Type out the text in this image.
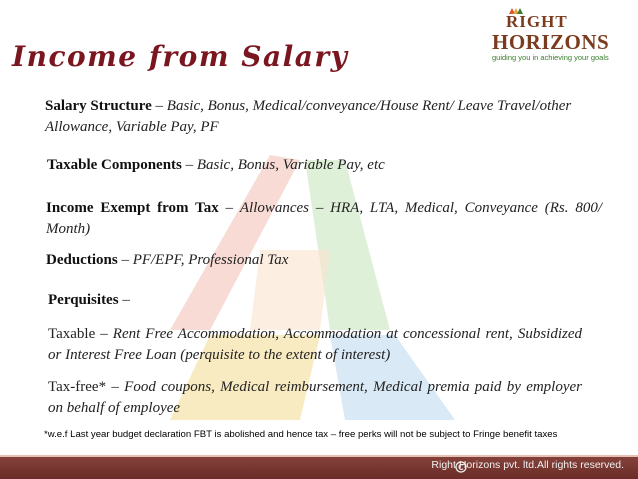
Income from Salary
RIGHT
HORIZONS
guiding you in achieving your goals
Salary Structure – Basic, Bonus, Medical/conveyance/House Rent/ Leave Travel/other Allowance, Variable Pay, PF
Taxable Components – Basic, Bonus, Variable Pay, etc
Income Exempt from Tax – Allowances – HRA, LTA, Medical, Conveyance (Rs. 800/ Month)
Deductions – PF/EPF, Professional Tax
Perquisites –
Taxable – Rent Free Accommodation, Accommodation at concessional rent, Subsidized or Interest Free Loan (perquisite to the extent of interest)
Tax-free* – Food coupons, Medical reimbursement, Medical premia paid by employer on behalf of employee
*w.e.f Last year budget declaration FBT is abolished and hence tax – free perks will not be subject to Fringe benefit taxes
Right Horizons pvt. ltd.All rights reserved.
